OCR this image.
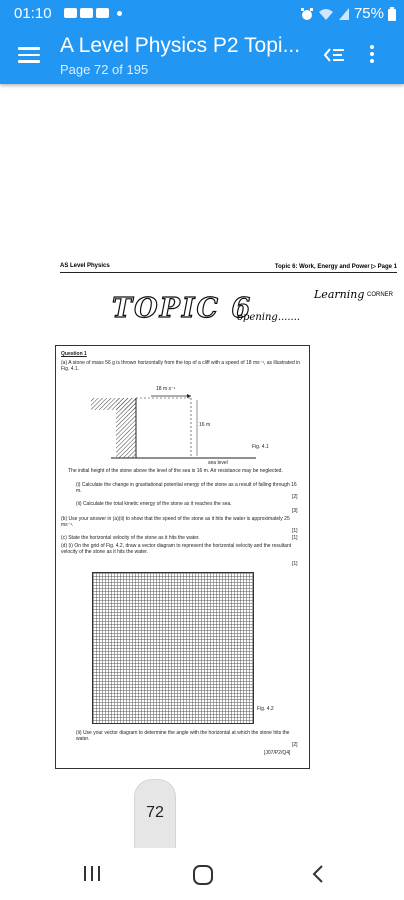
01:10	75%
A Level Physics P2 Topi...
Page 72 of 195
AS Level Physics	Topic 6: Work, Energy and Power ▷ Page 1
Learning CORNER
TOPIC 6
opening.......
Question 1
(a) A stone of mass 56 g is thrown horizontally from the top of a cliff with a speed of 18 ms⁻¹, as illustrated in Fig. 4.1.
18 m s⁻¹
16 m
Fig. 4.1
sea level
The initial height of the stone above the level of the sea is 16 m. Air resistance may be neglected.
(i) Calculate the change in gravitational potential energy of the stone as a result of falling through 16 m.
[2]
(ii) Calculate the total kinetic energy of the stone as it reaches the sea.
[3]
(b) Use your answer in (a)(ii) to show that the speed of the stone as it hits the water is approximately 25 ms⁻¹.
[1]
(c) State the horizontal velocity of the stone as it hits the water.	[1]
(d) (i) On the grid of Fig. 4.2, draw a vector diagram to represent the horizontal velocity and the resultant velocity of the stone as it hits the water.
[1]
Fig. 4.2
(ii) Use your vector diagram to determine the angle with the horizontal at which the stone hits the water.
[2]
[J07/P2/Q4]
72
